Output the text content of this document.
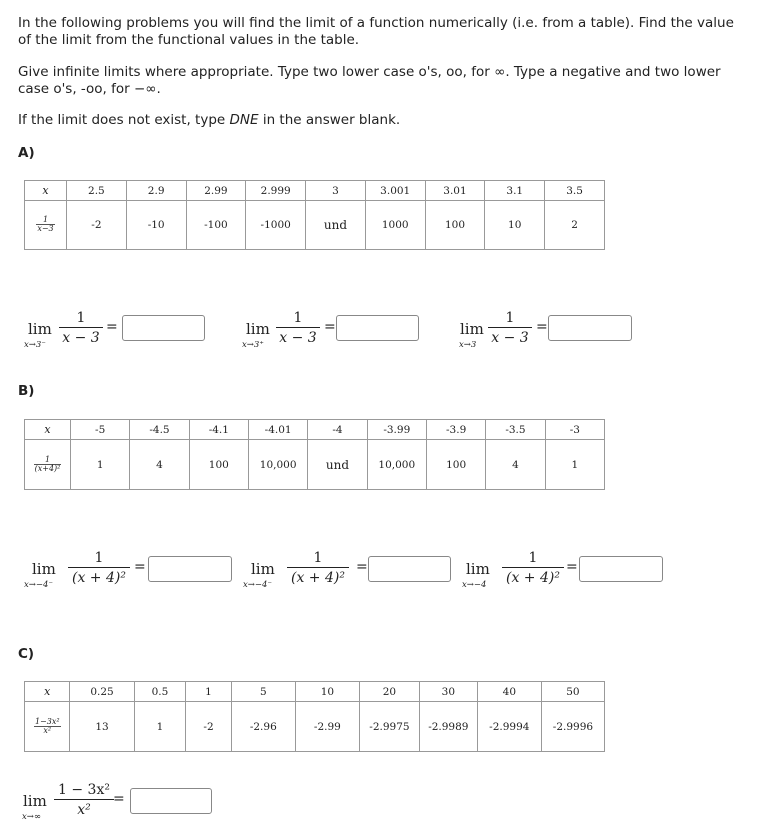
In the following problems you will find the limit of a function numerically (i.e. from a table). Find the value of the limit from the functional values in the table.
Give infinite limits where appropriate. Type two lower case o's, oo, for ∞. Type a negative and two lower case o's, -oo, for −∞.
If the limit does not exist, type DNE in the answer blank.
A)
x	2.5	2.9	2.99	2.999	3	3.001	3.01	3.1	3.5

$\frac{1}{x-3}$	-2	-10	-100	-1000	und	1000	100	10	2
lim
$x\to 3^- \frac{1}{x - 3}$ =	lim
$x\to 3^+ \frac{1}{x - 3}$ =	lim
$x\to 3 \frac{1}{x - 3}$ =
B)
x	-5	-4.5	-4.1	-4.01	-4	-3.99	-3.9	-3.5	-3

$\frac{1}{\text{(x+4)²}}$	1	4	100	10,000	und	10,000	100	4	1
lim
$x\to-4^- \frac{1}{\text{(x + 4)²}}$ =	lim
$x\to-4^- \frac{1}{\text{(x + 4)²}}$ =	lim
$x\to-4 \frac{1}{\text{(x + 4)²}}$ =
C)
x	0.25	0.5	1	5	10	20	30	40	50

$\frac{\text{1−3x²}}{\text{x²}}$	13	1	-2	-2.96	-2.99	-2.9975	-2.9989	-2.9994	-2.9996
lim
$x\to\infty \frac{\text{1 − 3x²}}{\text{x²}}$ =
